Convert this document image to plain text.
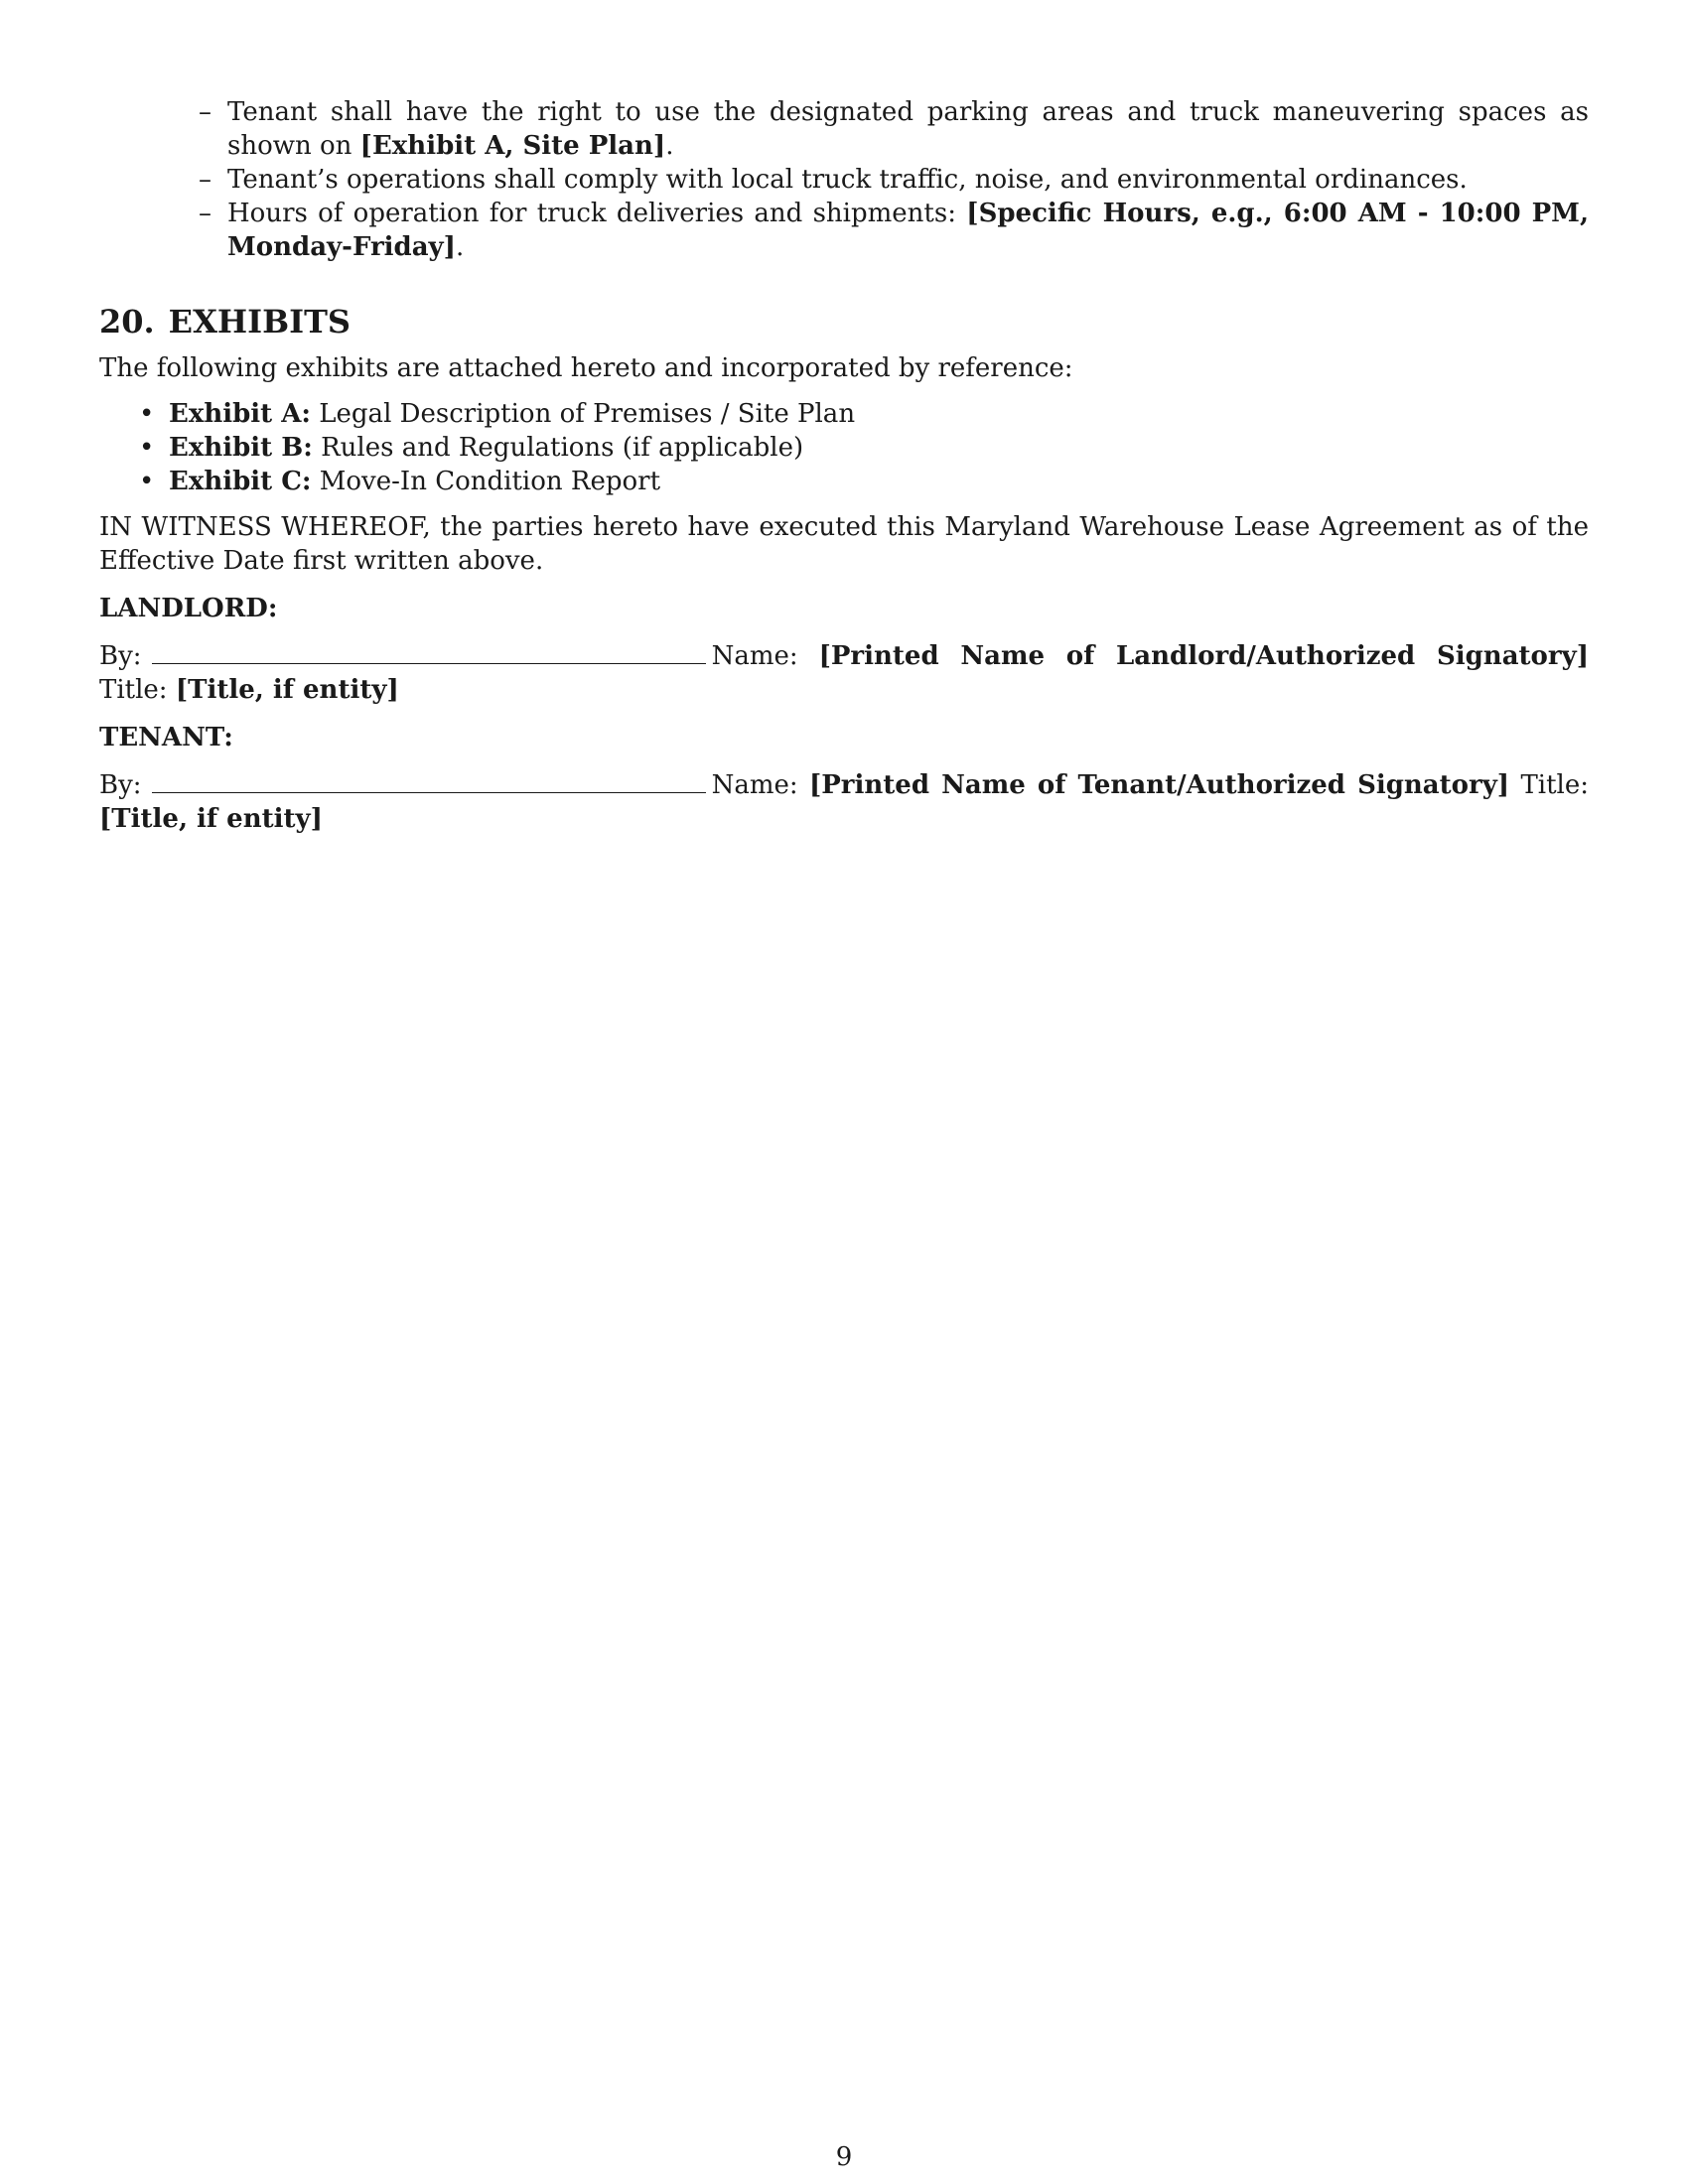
– Tenant shall have the right to use the designated parking areas and truck maneuvering spaces as shown on [Exhibit A, Site Plan].
– Tenant’s operations shall comply with local truck traffic, noise, and environmental ordinances.
– Hours of operation for truck deliveries and shipments: [Specific Hours, e.g., 6:00 AM - 10:00 PM, Monday-Friday].
20. EXHIBITS

The following exhibits are attached hereto and incorporated by reference:

• Exhibit A: Legal Description of Premises / Site Plan
• Exhibit B: Rules and Regulations (if applicable)
• Exhibit C: Move-In Condition Report

IN WITNESS WHEREOF, the parties hereto have executed this Maryland Warehouse Lease Agreement as of the Effective Date first written above.

LANDLORD:
By:	Name: [Printed Name of Landlord/Authorized Signatory] Title: [Title, if entity]
TENANT:
By:	Name: [Printed Name of Tenant/Authorized Signatory] Title: [Title, if entity]
9
